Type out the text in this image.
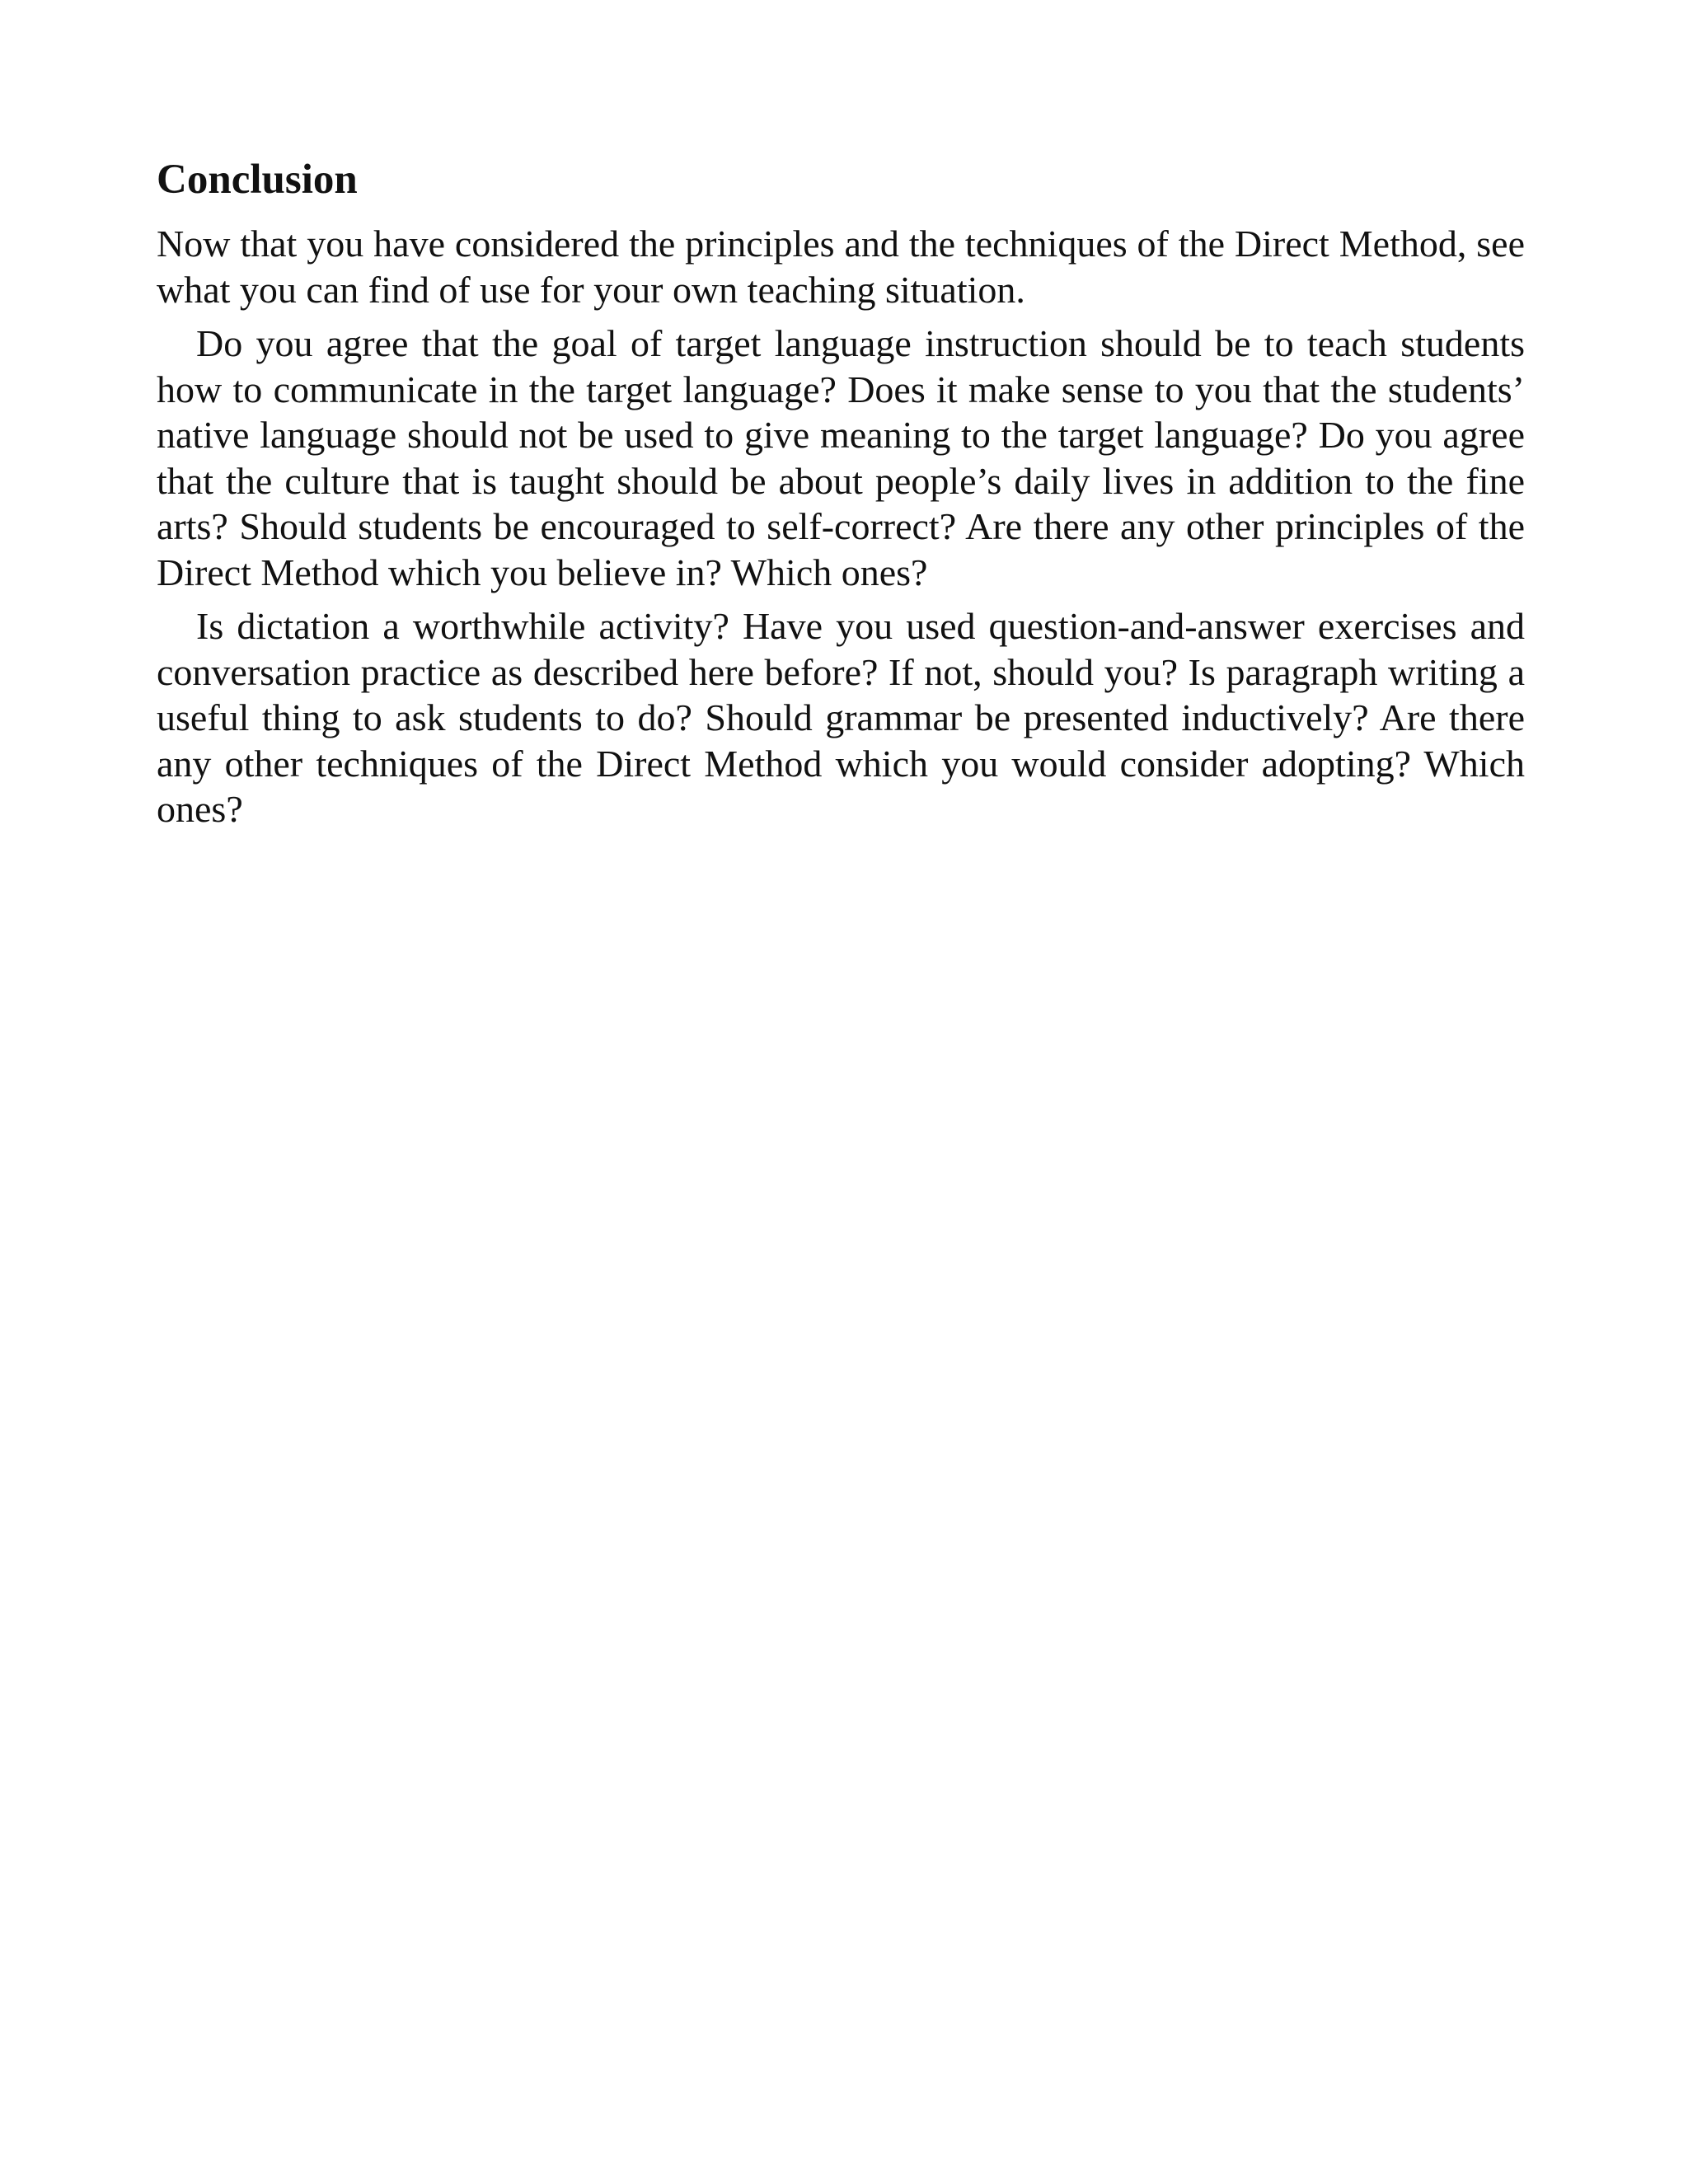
Conclusion

Now that you have considered the principles and the techniques of the Direct Method, see what you can find of use for your own teaching situation.

Do you agree that the goal of target language instruction should be to teach students how to communicate in the target language? Does it make sense to you that the students’ native language should not be used to give meaning to the target language? Do you agree that the culture that is taught should be about people’s daily lives in addition to the fine arts? Should students be encouraged to self-correct? Are there any other principles of the Direct Method which you believe in? Which ones?

Is dictation a worthwhile activity? Have you used question-and-answer exercises and conversation practice as described here before? If not, should you? Is paragraph writing a useful thing to ask students to do? Should grammar be presented inductively? Are there any other techniques of the Direct Method which you would consider adopting? Which ones?
